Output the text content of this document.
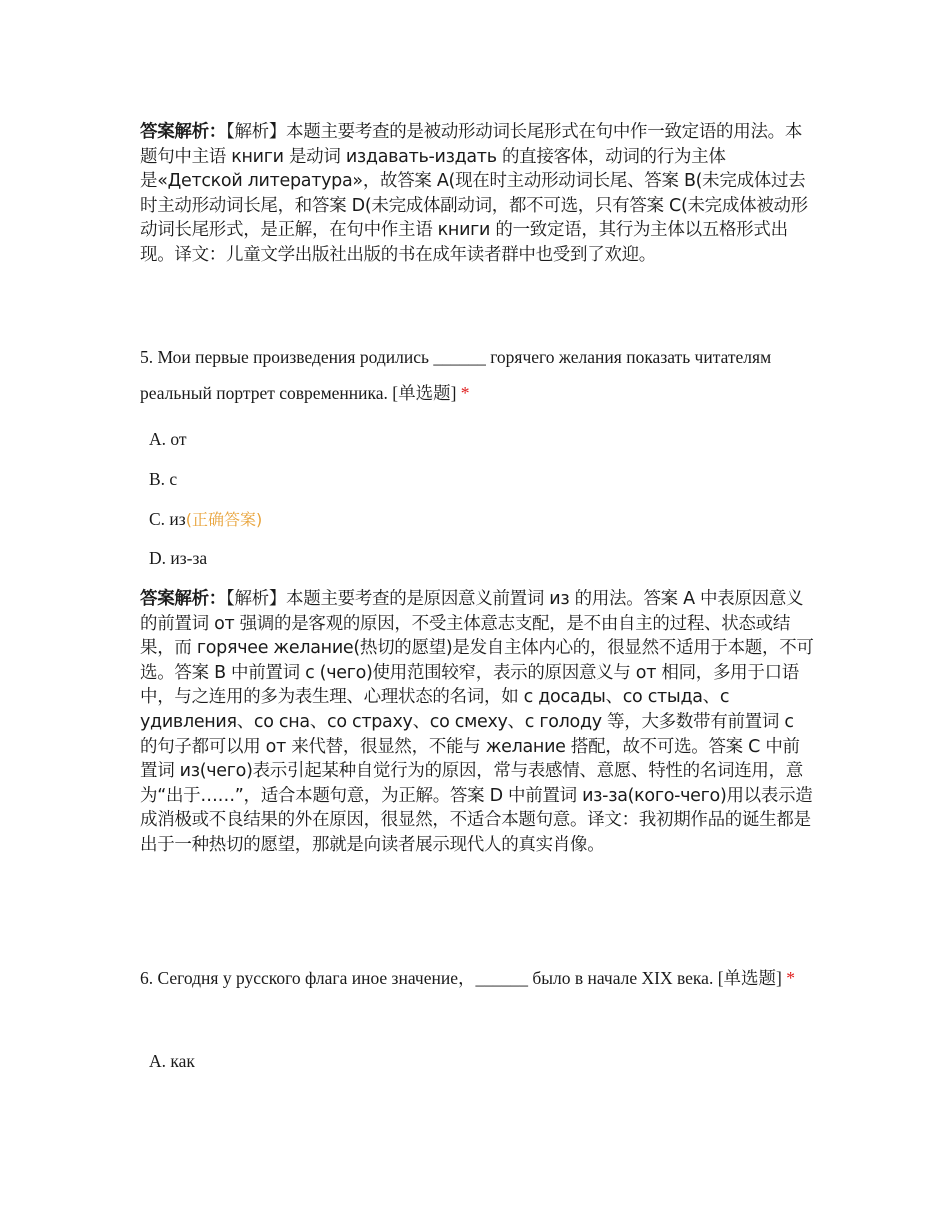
答案解析：【解析】本题主要考查的是被动形动词长尾形式在句中作一致定语的用法。本题句中主语 книги 是动词 издавать-издать 的直接客体，动词的行为主体是«Детской литература»，故答案 A(现在时主动形动词长尾、答案 B(未完成体过去时主动形动词长尾，和答案 D(未完成体副动词，都不可选，只有答案 C(未完成体被动形动词长尾形式，是正解，在句中作主语 книги 的一致定语，其行为主体以五格形式出现。译文：儿童文学出版社出版的书在成年读者群中也受到了欢迎。
5. Мои первые произведения родились ______ горячего желания показать читателям реальный портрет современника. [单选题] *
A. от
B. с
C. из(正确答案)
D. из-за
答案解析：【解析】本题主要考查的是原因意义前置词 из 的用法。答案 A 中表原因意义的前置词 от 强调的是客观的原因，不受主体意志支配，是不由自主的过程、状态或结果，而 горячее желание(热切的愿望)是发自主体内心的，很显然不适用于本题，不可选。答案 B 中前置词 с (чего)使用范围较窄，表示的原因意义与 от 相同，多用于口语中，与之连用的多为表生理、心理状态的名词，如 с досады、со стыда、с удивления、со сна、со страху、со смеху、с голоду 等，大多数带有前置词 с 的句子都可以用 от 来代替，很显然，不能与 желание 搭配，故不可选。答案 C 中前置词 из(чего)表示引起某种自觉行为的原因，常与表感情、意愿、特性的名词连用，意为“出于……”，适合本题句意，为正解。答案 D 中前置词 из-за(кого-чего)用以表示造成消极或不良结果的外在原因，很显然，不适合本题句意。译文：我初期作品的诞生都是出于一种热切的愿望，那就是向读者展示现代人的真实肖像。
6. Сегодня у русского флага иное значение，______ было в начале XIX века. [单选题] *
A. как
